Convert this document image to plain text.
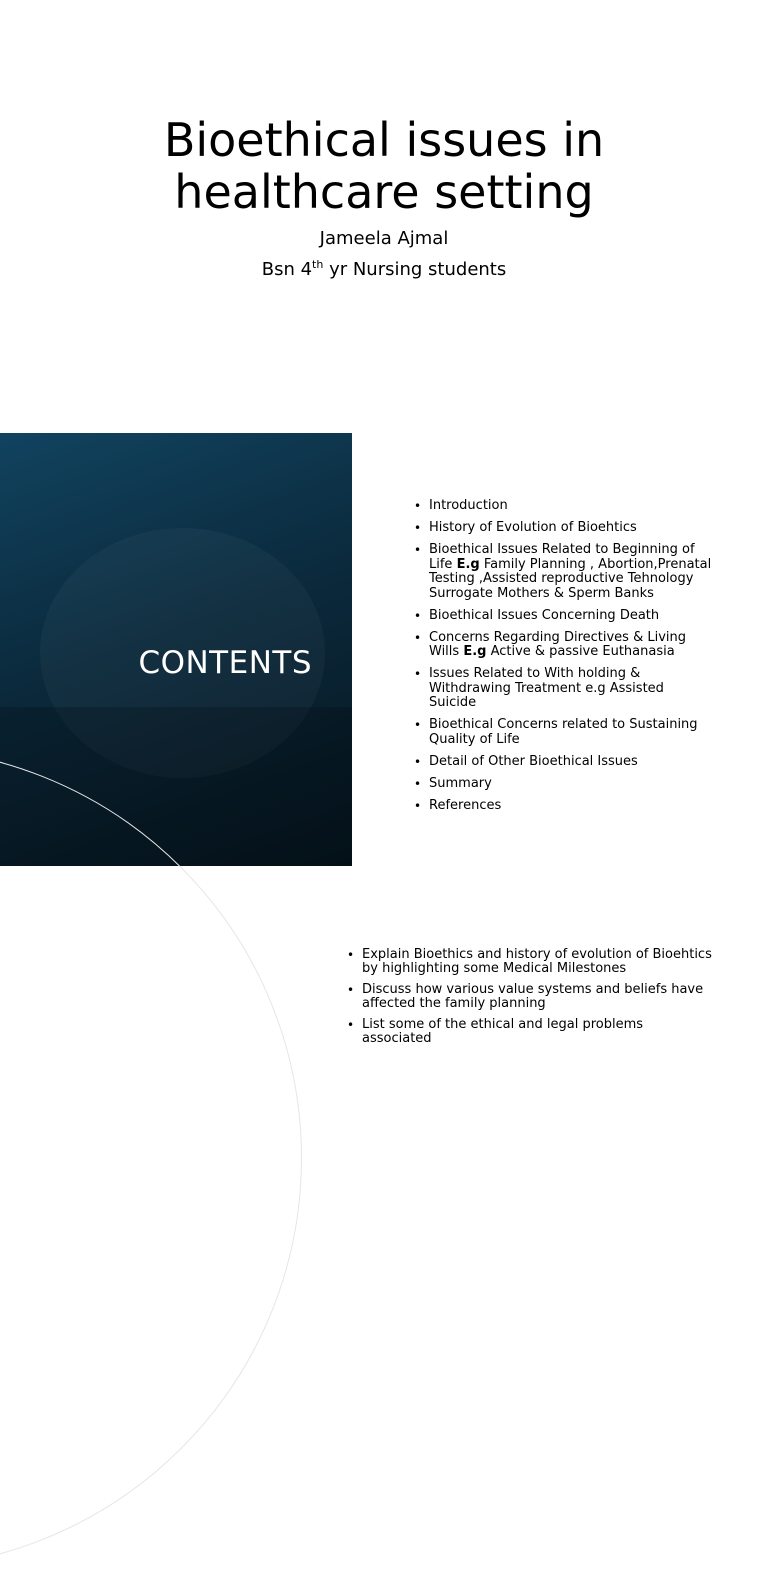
Bioethical issues in
healthcare setting
Jameela Ajmal
Bsn 4th yr Nursing students
CONTENTS
• Introduction
• History of Evolution of Bioehtics
• Bioethical Issues Related to Beginning of Life E.g Family Planning , Abortion,Prenatal Testing ,Assisted reproductive Tehnology Surrogate Mothers & Sperm Banks
• Bioethical Issues Concerning Death
• Concerns Regarding Directives & Living Wills E.g Active & passive Euthanasia
• Issues Related to With holding & Withdrawing Treatment e.g Assisted Suicide
• Bioethical Concerns related to Sustaining Quality of Life
• Detail of Other Bioethical Issues
• Summary
• References
• Explain Bioethics and history of evolution of Bioehtics by highlighting some Medical Milestones
• Discuss how various value systems and beliefs have affected the family planning
• List some of the ethical and legal problems associated
